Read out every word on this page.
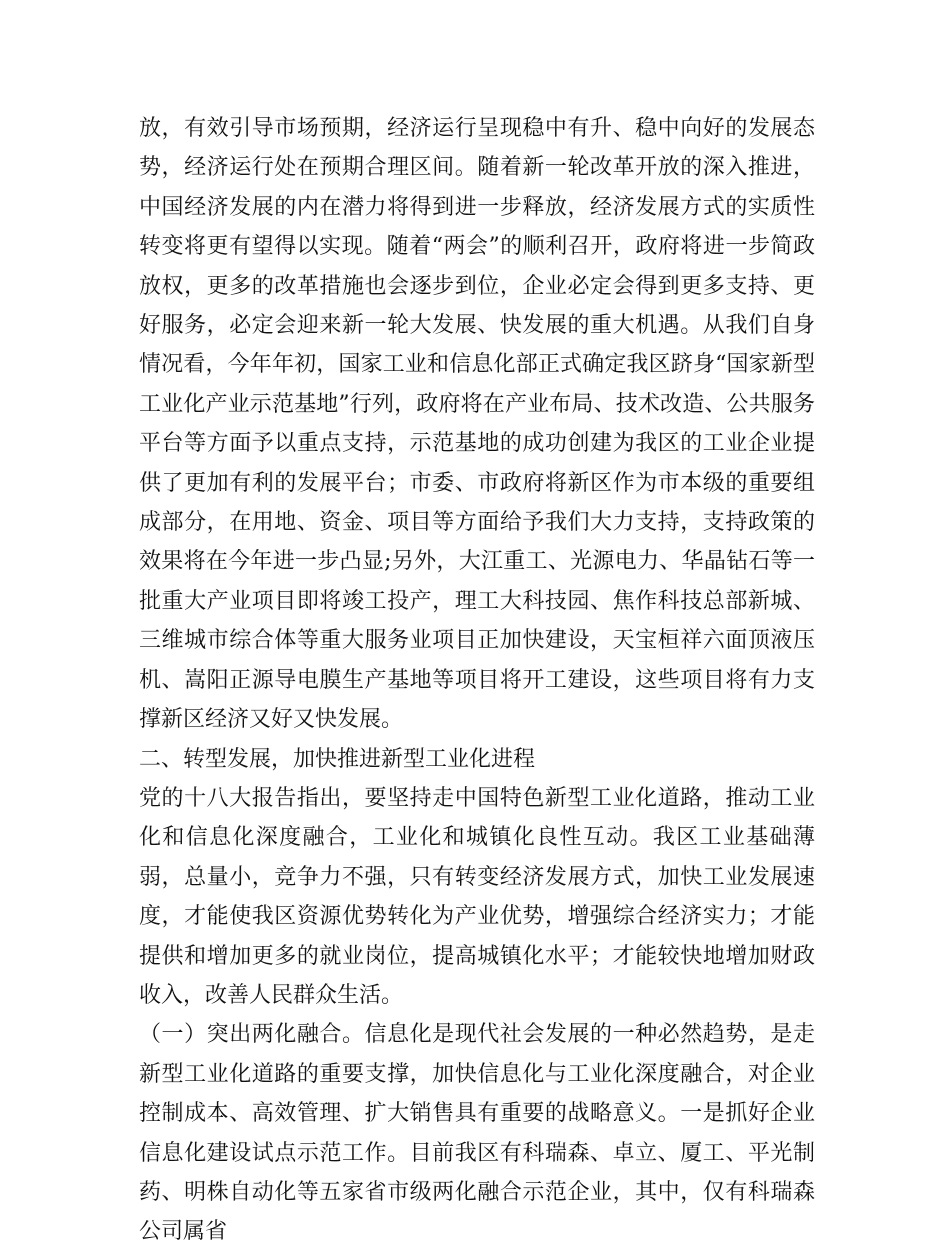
放，有效引导市场预期，经济运行呈现稳中有升、稳中向好的发展态势，经济运行处在预期合理区间。随着新一轮改革开放的深入推进，中国经济发展的内在潜力将得到进一步释放，经济发展方式的实质性转变将更有望得以实现。随着“两会”的顺利召开，政府将进一步简政放权，更多的改革措施也会逐步到位，企业必定会得到更多支持、更好服务，必定会迎来新一轮大发展、快发展的重大机遇。从我们自身情况看，今年年初，国家工业和信息化部正式确定我区跻身“国家新型工业化产业示范基地”行列，政府将在产业布局、技术改造、公共服务平台等方面予以重点支持，示范基地的成功创建为我区的工业企业提供了更加有利的发展平台；市委、市政府将新区作为市本级的重要组成部分，在用地、资金、项目等方面给予我们大力支持，支持政策的效果将在今年进一步凸显;另外，大江重工、光源电力、华晶钻石等一批重大产业项目即将竣工投产，理工大科技园、焦作科技总部新城、三维城市综合体等重大服务业项目正加快建设，天宝桓祥六面顶液压机、嵩阳正源导电膜生产基地等项目将开工建设，这些项目将有力支撑新区经济又好又快发展。

二、转型发展，加快推进新型工业化进程

党的十八大报告指出，要坚持走中国特色新型工业化道路，推动工业化和信息化深度融合，工业化和城镇化良性互动。我区工业基础薄弱，总量小，竞争力不强，只有转变经济发展方式，加快工业发展速度，才能使我区资源优势转化为产业优势，增强综合经济实力；才能提供和增加更多的就业岗位，提高城镇化水平；才能较快地增加财政收入，改善人民群众生活。

（一）突出两化融合。信息化是现代社会发展的一种必然趋势，是走新型工业化道路的重要支撑，加快信息化与工业化深度融合，对企业控制成本、高效管理、扩大销售具有重要的战略意义。一是抓好企业信息化建设试点示范工作。目前我区有科瑞森、卓立、厦工、平光制药、明株自动化等五家省市级两化融合示范企业，其中，仅有科瑞森公司属省
